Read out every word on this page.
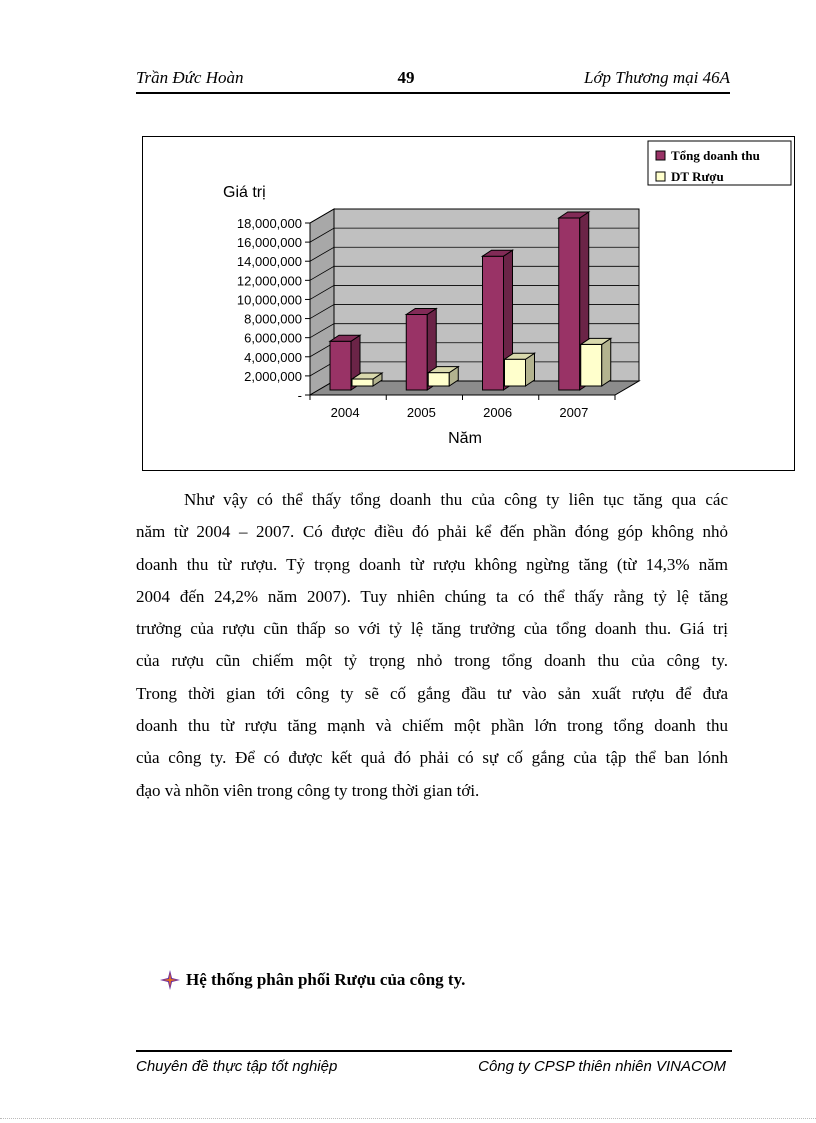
Trần Đức Hoàn	49	Lớp Thương mại 46A
-
2,000,000
4,000,000
6,000,000
8,000,000
10,000,000
12,000,000
14,000,000
16,000,000
18,000,000
2004	2005	2006	2007
Giá trị
Năm
Tổng doanh thu
DT Rượu
Như vậy có thể thấy tổng doanh thu của công ty liên tục tăng qua các
năm từ 2004 – 2007. Có được điều đó phải kể đến phần đóng góp không nhỏ
doanh thu từ rượu. Tỷ trọng doanh từ rượu không ngừng tăng (từ 14,3% năm
2004 đến 24,2% năm 2007). Tuy nhiên chúng ta có thể thấy rằng tỷ lệ tăng
trưởng của rượu cũn thấp so với tỷ lệ tăng trưởng của tổng doanh thu. Giá trị
của rượu cũn chiếm một tỷ trọng nhỏ trong tổng doanh thu của công ty.
Trong thời gian tới công ty sẽ cố gắng đầu tư vào sản xuất rượu để đưa
doanh thu từ rượu tăng mạnh và chiếm một phần lớn trong tổng doanh thu
của công ty. Để có được kết quả đó phải có sự cố gắng của tập thể ban lónh
đạo và nhõn viên trong công ty trong thời gian tới.
Hệ thống phân phối Rượu của công ty.
Chuyên đề thực tập tốt nghiệp	Công ty CPSP thiên nhiên VINACOM
